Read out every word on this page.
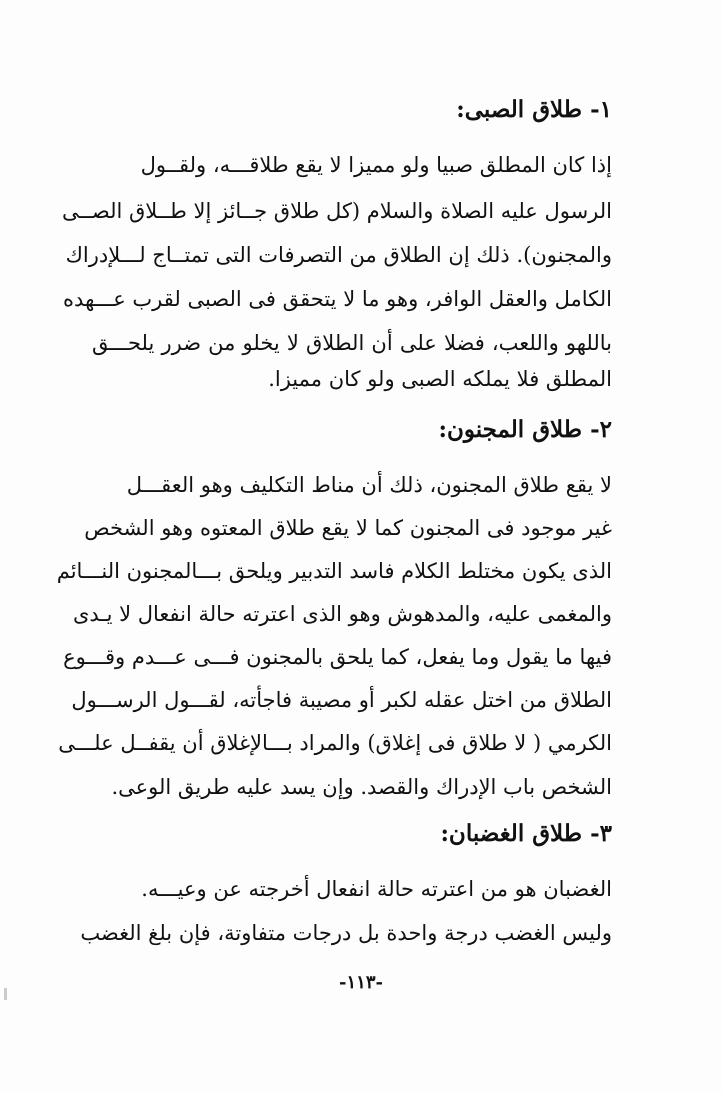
١- طلاق الصبى:
إذا كان المطلق صبيا ولو مميزا لا يقع طلاقـــه، ولقــول
الرسول عليه الصلاة والسلام (كل طلاق جــائز إلا طــلاق الصــى
والمجنون). ذلك إن الطلاق من التصرفات التى تمتــاج لـــلإدراك
الكامل والعقل الوافر، وهو ما لا يتحقق فى الصبى لقرب عـــهده
باللهو واللعب، فضلا على أن الطلاق لا يخلو من ضرر يلحـــق
المطلق فلا يملكه الصبى ولو كان مميزا.
٢- طلاق المجنون:
لا يقع طلاق المجنون، ذلك أن مناط التكليف وهو العقـــل
غير موجود فى المجنون كما لا يقع طلاق المعتوه وهو الشخص
الذى يكون مختلط الكلام فاسد التدبير ويلحق بـــالمجنون النـــائم
والمغمى عليه، والمدهوش وهو الذى اعترته حالة انفعال لا يـدى
فيها ما يقول وما يفعل، كما يلحق بالمجنون فـــى عـــدم وقـــوع
الطلاق من اختل عقله لكبر أو مصيبة فاجأته، لقـــول الرســـول
الكرمي ( لا طلاق فى إغلاق) والمراد بـــالإغلاق أن يقفــل علـــى
الشخص باب الإدراك والقصد. وإن يسد عليه طريق الوعى.
٣- طلاق الغضبان:
الغضبان هو من اعترته حالة انفعال أخرجته عن وعيـــه.
وليس الغضب درجة واحدة بل درجات متفاوتة، فإن بلغ الغضب
-١١٣-
